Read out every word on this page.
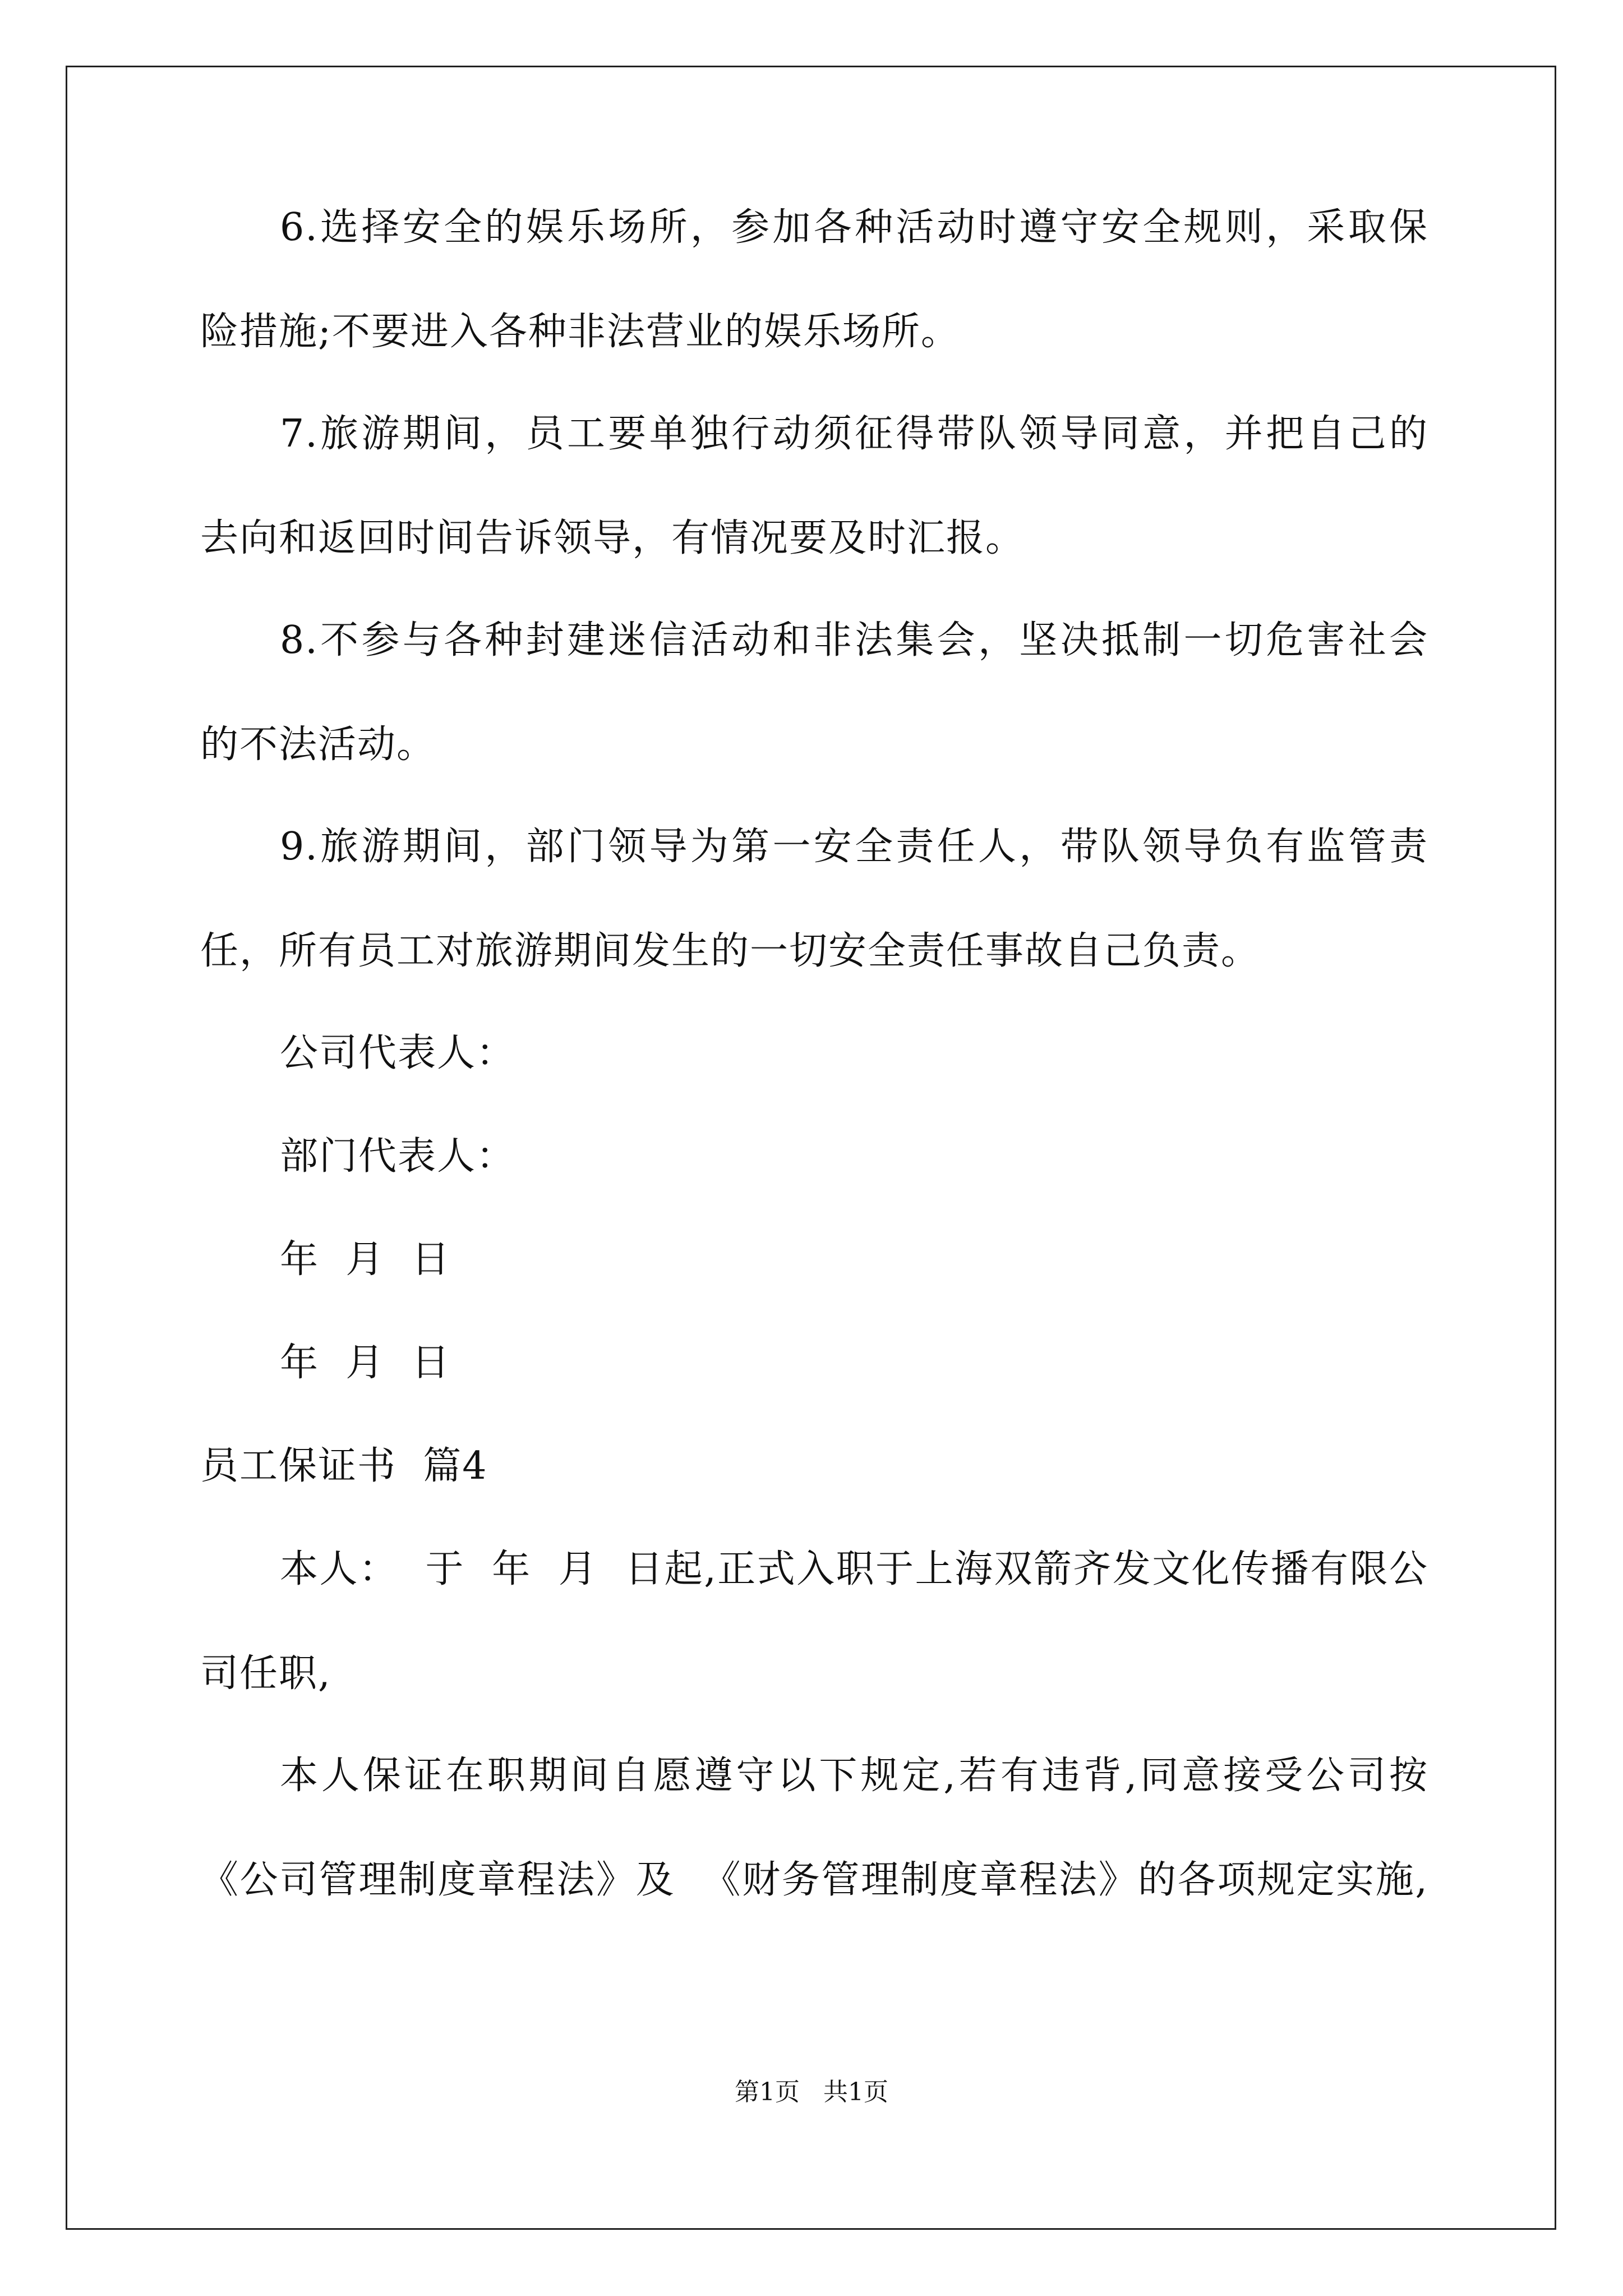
6.选择安全的娱乐场所，参加各种活动时遵守安全规则，采取保
险措施;不要进入各种非法营业的娱乐场所。
7.旅游期间，员工要单独行动须征得带队领导同意，并把自己的
去向和返回时间告诉领导，有情况要及时汇报。
8.不参与各种封建迷信活动和非法集会，坚决抵制一切危害社会
的不法活动。
9.旅游期间，部门领导为第一安全责任人，带队领导负有监管责
任，所有员工对旅游期间发生的一切安全责任事故自己负责。
公司代表人：
部门代表人：
年  月  日
年  月  日
员工保证书  篇4
本人：  于  年  月  日起,正式入职于上海双箭齐发文化传播有限公
司任职,
本人保证在职期间自愿遵守以下规定,若有违背,同意接受公司按
《公司管理制度章程法》及  《财务管理制度章程法》的各项规定实施,
第1页   共1页
